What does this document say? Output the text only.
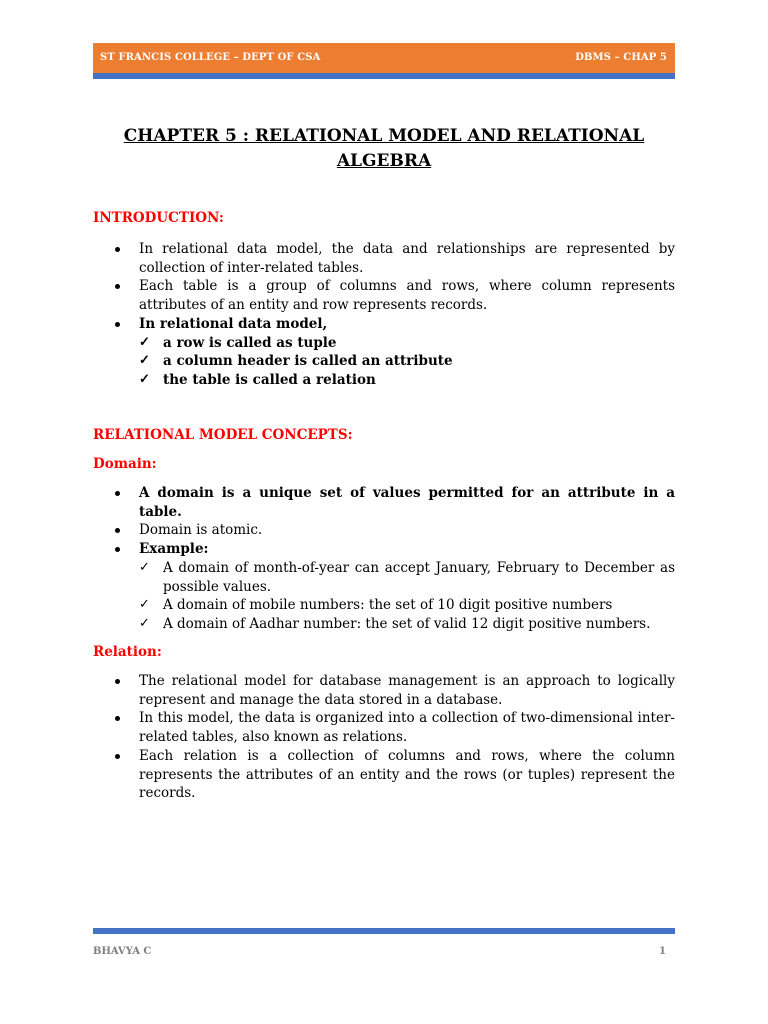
ST FRANCIS COLLEGE – DEPT OF CSA	DBMS – CHAP 5
CHAPTER 5 : RELATIONAL MODEL AND RELATIONAL
ALGEBRA
INTRODUCTION:
In relational data model, the data and relationships are represented by collection of inter-related tables.
Each table is a group of columns and rows, where column represents attributes of an entity and row represents records.
In relational data model,
✓ a row is called as tuple
✓ a column header is called an attribute
✓ the table is called a relation
RELATIONAL MODEL CONCEPTS:
Domain:
A domain is a unique set of values permitted for an attribute in a table.
Domain is atomic.
Example:
✓ A domain of month-of-year can accept January, February to December as possible values.
✓ A domain of mobile numbers: the set of 10 digit positive numbers
✓ A domain of Aadhar number: the set of valid 12 digit positive numbers.
Relation:
The relational model for database management is an approach to logically represent and manage the data stored in a database.
In this model, the data is organized into a collection of two-dimensional inter-related tables, also known as relations.
Each relation is a collection of columns and rows, where the column represents the attributes of an entity and the rows (or tuples) represent the records.
BHAVYA C	1
